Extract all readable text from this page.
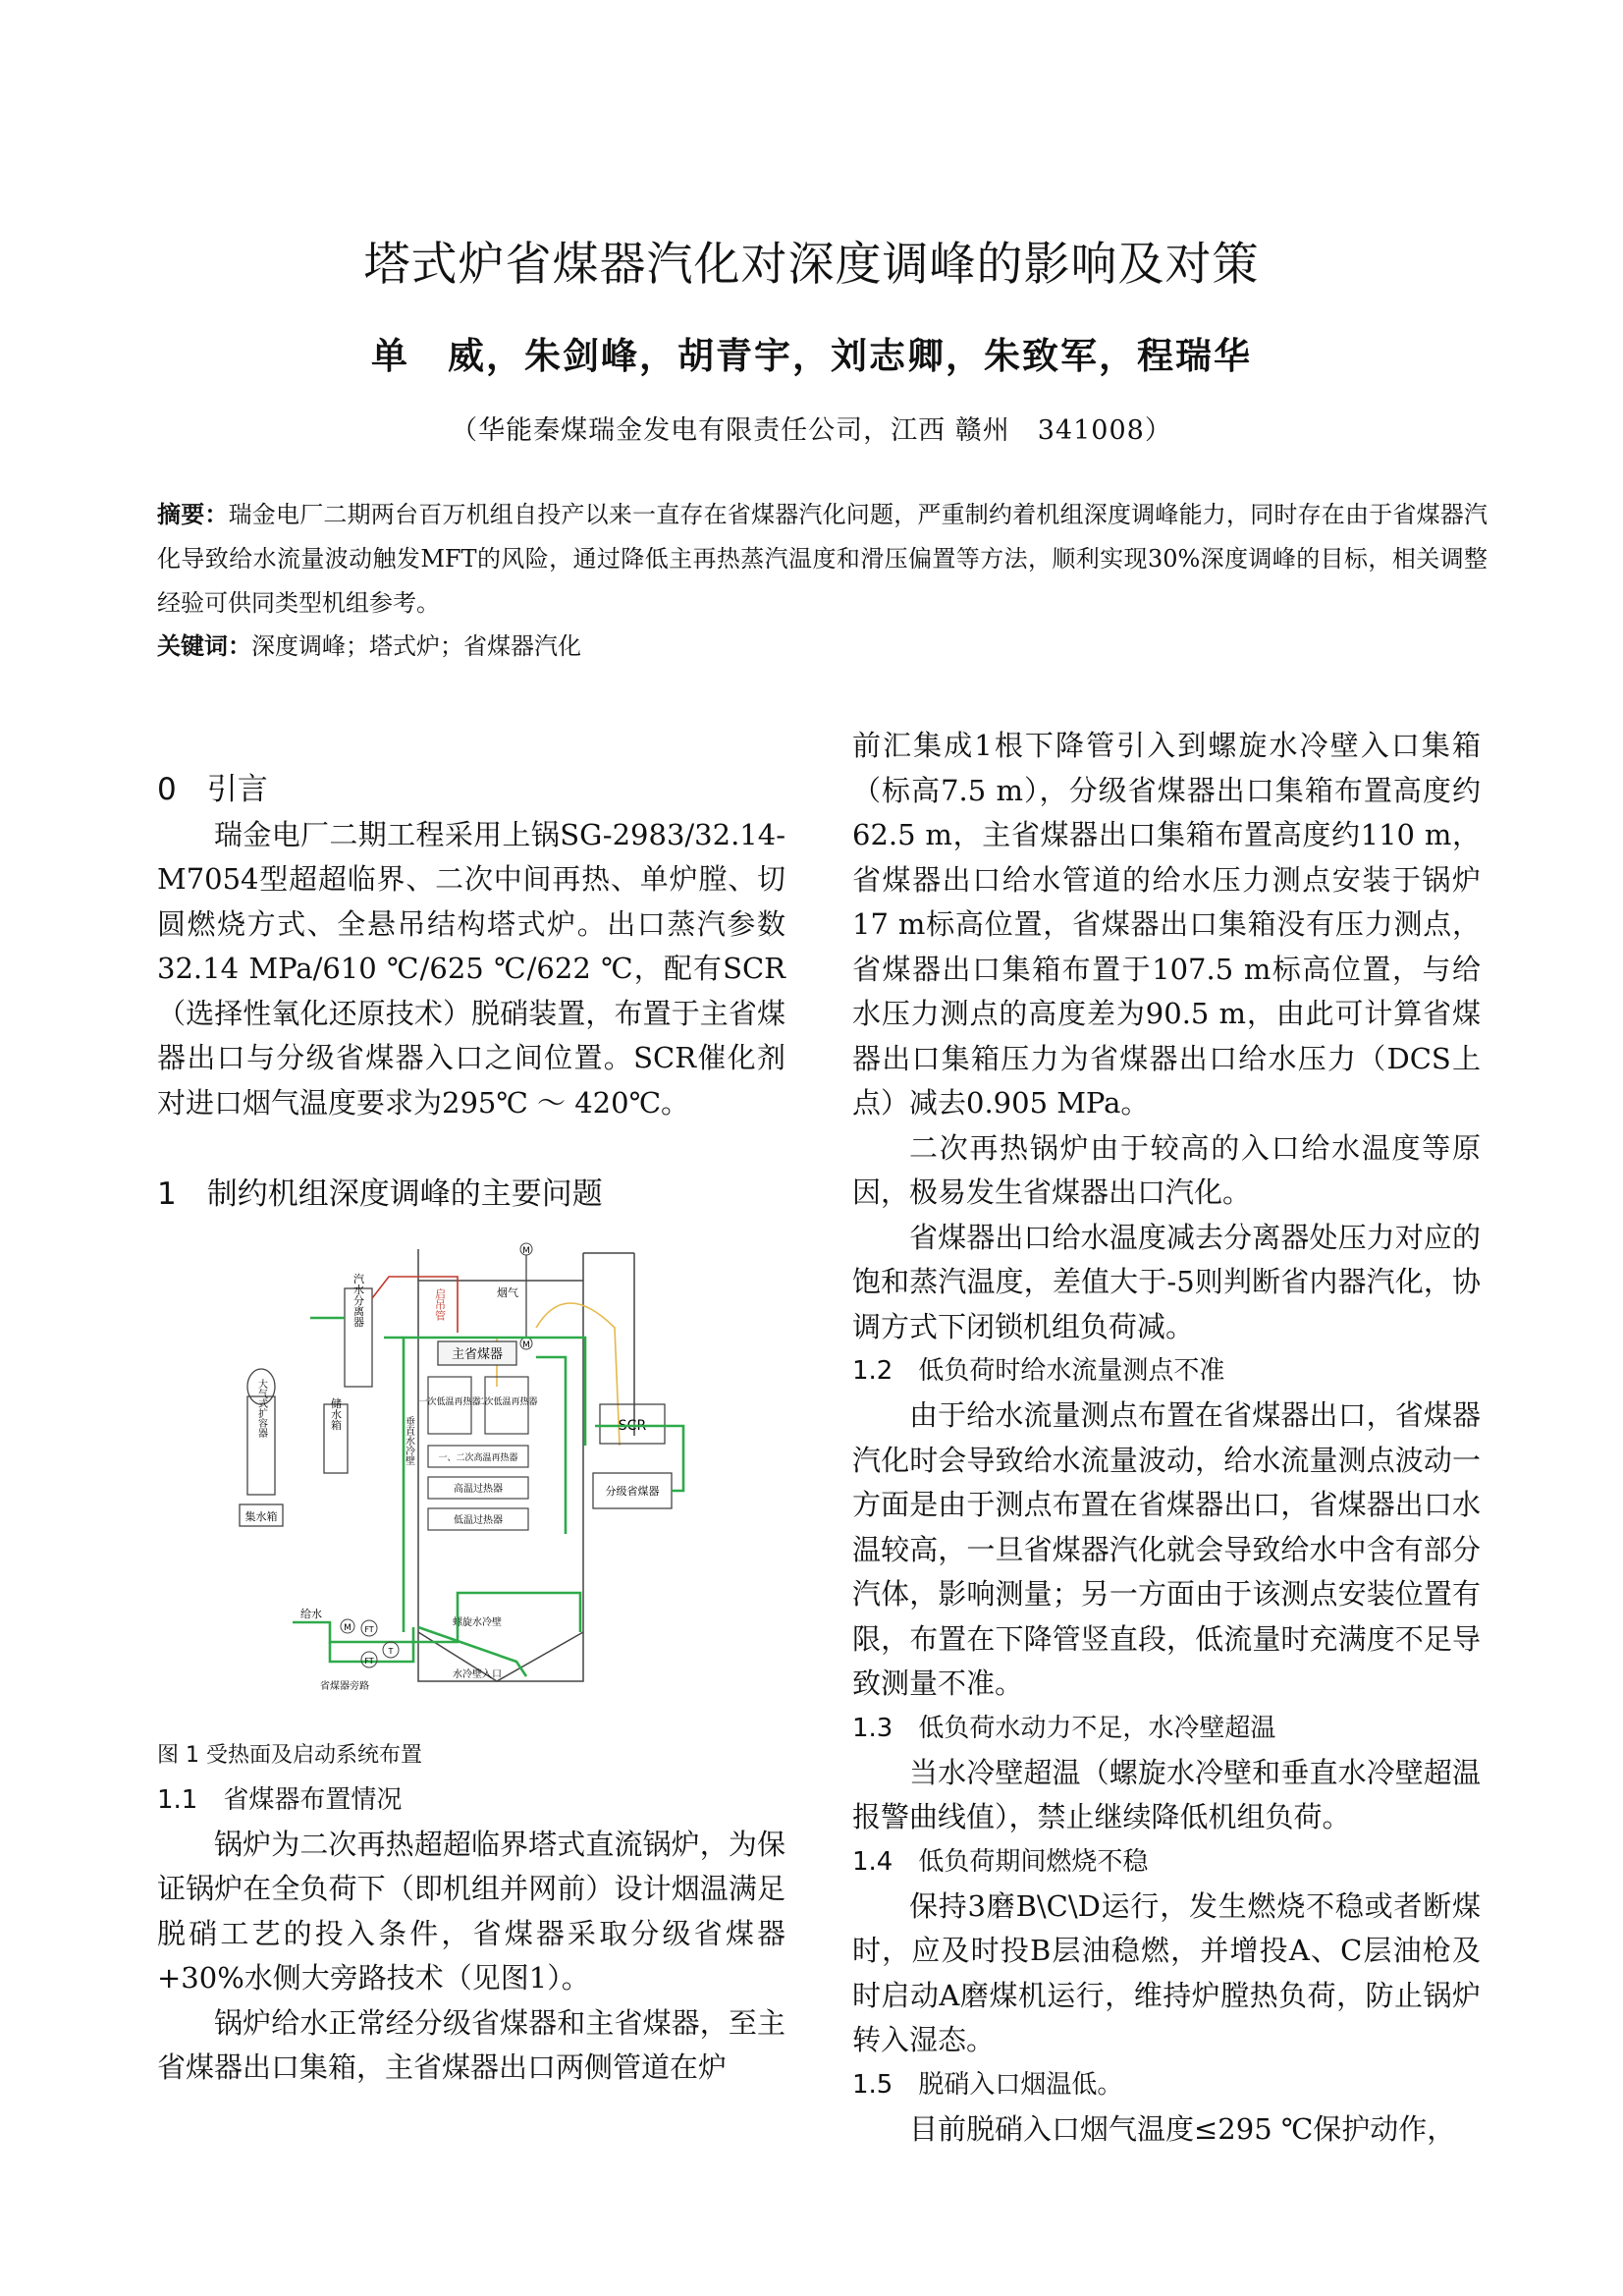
塔式炉省煤器汽化对深度调峰的影响及对策
单　威，朱剑峰，胡青宇，刘志卿，朱致军，程瑞华
（华能秦煤瑞金发电有限责任公司，江西 赣州　341008）
摘要：瑞金电厂二期两台百万机组自投产以来一直存在省煤器汽化问题，严重制约着机组深度调峰能力，同时存在由于省煤器汽化导致给水流量波动触发MFT的风险，通过降低主再热蒸汽温度和滑压偏置等方法，顺利实现30%深度调峰的目标，相关调整经验可供同类型机组参考。
关键词：深度调峰；塔式炉；省煤器汽化

0　引言

瑞金电厂二期工程采用上锅SG-2983/32.14-M7054型超超临界、二次中间再热、单炉膛、切圆燃烧方式、全悬吊结构塔式炉。出口蒸汽参数32.14 MPa/610 ℃/625 ℃/622 ℃，配有SCR（选择性氧化还原技术）脱硝装置，布置于主省煤器出口与分级省煤器入口之间位置。SCR催化剂对进口烟气温度要求为295℃ ～ 420℃。

1　制约机组深度调峰的主要问题

汽水分离器
储水箱
大气式扩容器
集水箱
启吊管	烟气
M
M
主省煤器
一次低温再热器
二次低温再热器
一、二次高温再热器
高温过热器
低温过热器
垂直水冷壁
螺旋水冷壁
水冷壁入口
SCR
分级省煤器
给水
省煤器旁路
M FT
FT
T

图 1 受热面及启动系统布置

1.1　省煤器布置情况

锅炉为二次再热超超临界塔式直流锅炉，为保证锅炉在全负荷下（即机组并网前）设计烟温满足脱硝工艺的投入条件，省煤器采取分级省煤器+30%水侧大旁路技术（见图1）。

锅炉给水正常经分级省煤器和主省煤器，至主省煤器出口集箱，主省煤器出口两侧管道在炉

前汇集成1根下降管引入到螺旋水冷壁入口集箱（标高7.5 m），分级省煤器出口集箱布置高度约62.5 m，主省煤器出口集箱布置高度约110 m，省煤器出口给水管道的给水压力测点安装于锅炉17 m标高位置，省煤器出口集箱没有压力测点，省煤器出口集箱布置于107.5 m标高位置，与给水压力测点的高度差为90.5 m，由此可计算省煤器出口集箱压力为省煤器出口给水压力（DCS上点）减去0.905 MPa。

二次再热锅炉由于较高的入口给水温度等原因，极易发生省煤器出口汽化。

省煤器出口给水温度减去分离器处压力对应的饱和蒸汽温度，差值大于-5则判断省内器汽化，协调方式下闭锁机组负荷减。

1.2　低负荷时给水流量测点不准

由于给水流量测点布置在省煤器出口，省煤器汽化时会导致给水流量波动，给水流量测点波动一方面是由于测点布置在省煤器出口，省煤器出口水温较高，一旦省煤器汽化就会导致给水中含有部分汽体，影响测量；另一方面由于该测点安装位置有限，布置在下降管竖直段，低流量时充满度不足导致测量不准。

1.3　低负荷水动力不足，水冷壁超温

当水冷壁超温（螺旋水冷壁和垂直水冷壁超温报警曲线值），禁止继续降低机组负荷。

1.4　低负荷期间燃烧不稳

保持3磨B\C\D运行，发生燃烧不稳或者断煤时，应及时投B层油稳燃，并增投A、C层油枪及时启动A磨煤机运行，维持炉膛热负荷，防止锅炉转入湿态。

1.5　脱硝入口烟温低。

目前脱硝入口烟气温度≤295 ℃保护动作，
